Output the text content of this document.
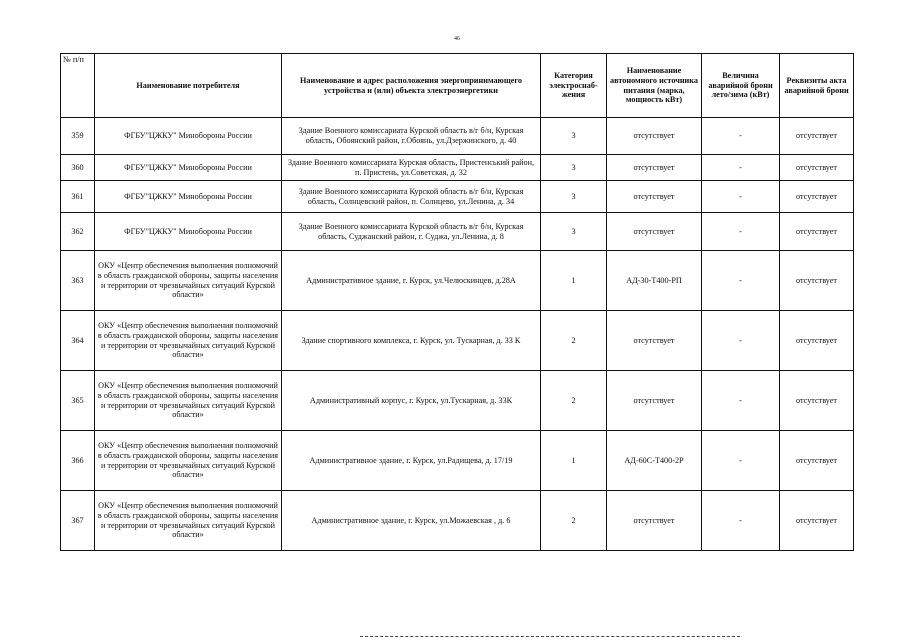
46
№ п/п	Наименование потребителя	Наименование и адрес расположения энергопринимающего устройства и (или) объекта электроэнергетики	Категория электроснаб-жения	Наименование автономного источника питания (марка, мощность кВт)	Величина аварийной брони лето/зима (кВт)	Реквизиты акта аварийной брони
359	ФГБУ"ЦЖКУ" Минобороны России	Здание Военного комиссариата Курской область в/г б/н, Курская область, Обоянский район, г.Обоянь, ул.Дзержинского, д. 40	3	отсутствует	-	отсутствует
360	ФГБУ"ЦЖКУ" Минобороны России	Здание Военного комиссариата Курская область, Пристенський район, п. Пристень, ул.Советская, д. 32	3	отсутствует	-	отсутствует
361	ФГБУ"ЦЖКУ" Минобороны России	Здание Военного комиссариата Курской область в/г б/н, Курская область, Солнцевский район, п. Солнцево, ул.Ленина, д. 34	3	отсутствует	-	отсутствует
362	ФГБУ"ЦЖКУ" Минобороны России	Здание Военного комиссариата Курской область в/г б/н, Курская область, Суджанский район, г. Суджа, ул.Ленина, д. 8	3	отсутствует	-	отсутствует
363	ОКУ «Центр обеспечения выполнения полномочий в область гражданской обороны, защиты населения и территории от чрезвычайных ситуаций Курской области»	Административное здание, г. Курск, ул.Челюскинцев, д.28А	1	АД-30-Т400-РП	-	отсутствует
364	ОКУ «Центр обеспечения выполнения полномочий в область гражданской обороны, защиты населения и территории от чрезвычайных ситуаций Курской области»	Здание спортивного комплекса, г. Курск, ул. Тускарная, д. 33 К	2	отсутствует	-	отсутствует
365	ОКУ «Центр обеспечения выполнения полномочий в область гражданской обороны, защиты населения и территории от чрезвычайных ситуаций Курской области»	Административный корпус, г. Курск, ул.Тускарная, д. 33К	2	отсутствует	-	отсутствует
366	ОКУ «Центр обеспечения выполнения полномочий в область гражданской обороны, защиты населения и территории от чрезвычайных ситуаций Курской области»	Административное здание, г. Курск, ул.Радищева, д. 17/19	1	АД-60С-Т400-2Р	-	отсутствует
367	ОКУ «Центр обеспечения выполнения полномочий в область гражданской обороны, защиты населения и территории от чрезвычайных ситуаций Курской области»	Административное здание, г. Курск, ул.Можаевская , д. 6	2	отсутствует	-	отсутствует
